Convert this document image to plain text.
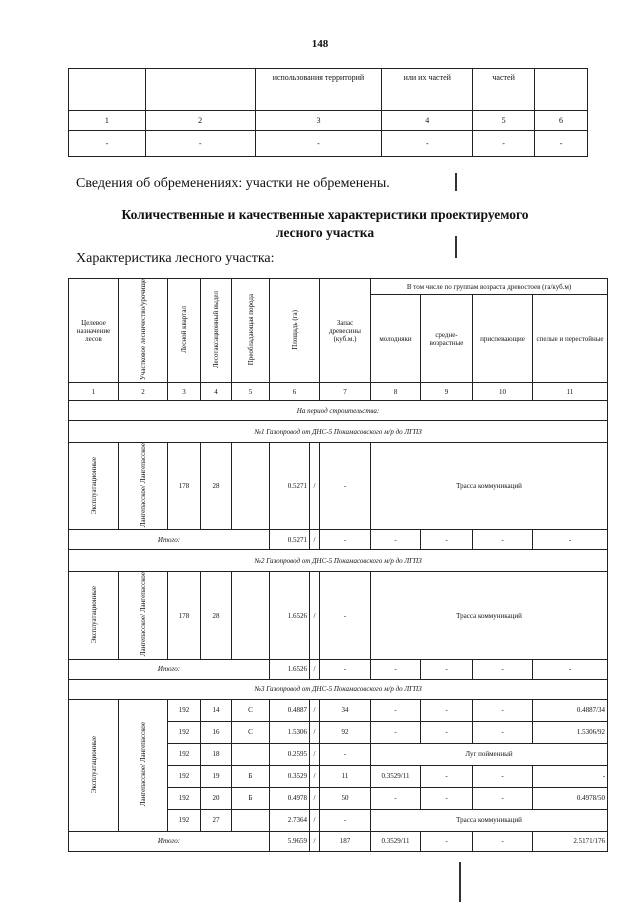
148
		использования территорий	или их частей	частей	
1	2	3	4	5	6
-	-	-	-	-	-
Сведения об обременениях: участки не обременены.
Количественные и качественные характеристики проектируемого лесного участка
Характеристика лесного участка:
Целевое назначение лесов	Участковое лесничество/урочище	Лесной квартал	Лесотаксационный выдел	Преобладающая порода	Площадь (га)		Запас древесины (куб.м.)	В том числе по группам возраста древостоев (га/куб.м)			
								молодняки	средне-возрастные	приспевающие	спелые и перестойные
1	2	3	4	5	6		7	8	9	10	11
На период строительства:											
№1 Газопровод от ДНС-5 Покамасовского м/р до ЛГПЗ											
Эксплуатационные	Лангепасское/ Лангепасское	178	28		0.5271	/	-	Трасса коммуникаций			
Итого:					0.5271	/	-	-	-	-	-
№2 Газопровод от ДНС-5 Покамасовского м/р до ЛГПЗ											
Эксплуатационные	Лангепасское/ Лангепасское	178	28		1.6526	/	-	Трасса коммуникаций			
Итого:					1.6526	/	-	-	-	-	-
№3 Газопровод от ДНС-5 Покамасовского м/р до ЛГПЗ											
Эксплуатационные	Лангепасское/ Лангепасское	192	14	С	0.4887	/	34	-	-	-	0.4887/34
		192	16	С	1.5306	/	92	-	-	-	1.5306/92
		192	18		0.2595	/	-	Луг пойменный			
		192	19	Б	0.3529	/	11	0.3529/11	-	-	-
		192	20	Б	0.4978	/	50	-	-	-	0.4978/50
		192	27		2.7364	/	-	Трасса коммуникаций			
Итого:					5.9659	/	187	0.3529/11	-	-	2.5171/176
